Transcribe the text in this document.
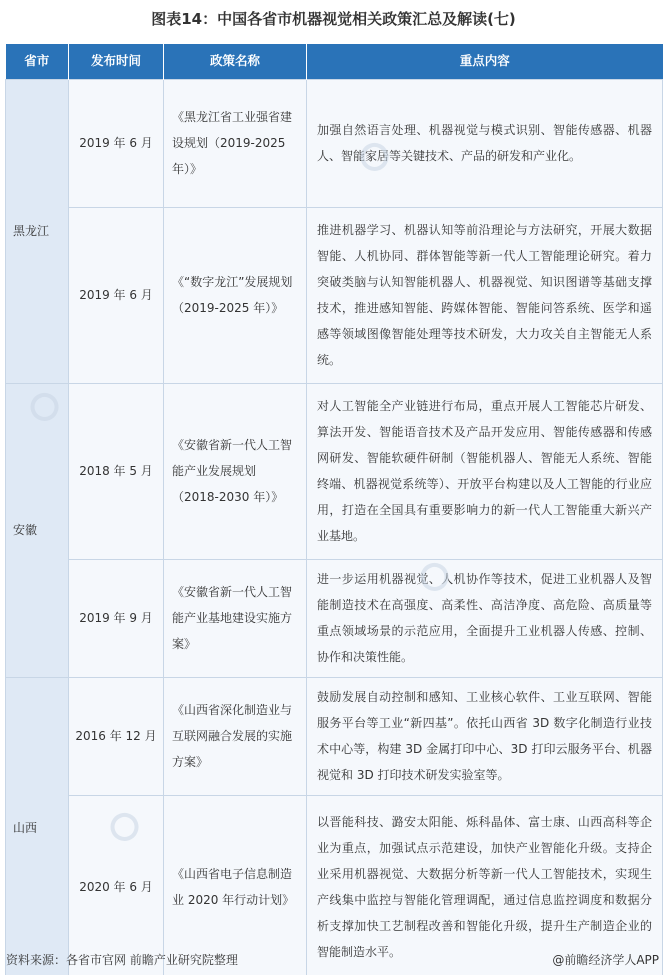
图表14：中国各省市机器视觉相关政策汇总及解读(七)
省市	发布时间	政策名称	重点内容
黑龙江	2019 年 6 月	《黑龙江省工业强省建设规划（2019-2025 年）》	加强自然语言处理、机器视觉与模式识别、智能传感器、机器人、智能家居等关键技术、产品的研发和产业化。
	2019 年 6 月	《“数字龙江”发展规划（2019-2025 年）》	推进机器学习、机器认知等前沿理论与方法研究，开展大数据智能、人机协同、群体智能等新一代人工智能理论研究。着力突破类脑与认知智能机器人、机器视觉、知识图谱等基础支撑技术，推进感知智能、跨媒体智能、智能问答系统、医学和遥感等领域图像智能处理等技术研发，大力攻关自主智能无人系统。
安徽	2018 年 5 月	《安徽省新一代人工智能产业发展规划（2018-2030 年）》	对人工智能全产业链进行布局，重点开展人工智能芯片研发、算法开发、智能语音技术及产品开发应用、智能传感器和传感网研发、智能软硬件研制（智能机器人、智能无人系统、智能终端、机器视觉系统等）、开放平台构建以及人工智能的行业应用，打造在全国具有重要影响力的新一代人工智能重大新兴产业基地。
	2019 年 9 月	《安徽省新一代人工智能产业基地建设实施方案》	进一步运用机器视觉、人机协作等技术，促进工业机器人及智能制造技术在高强度、高柔性、高洁净度、高危险、高质量等重点领域场景的示范应用，全面提升工业机器人传感、控制、协作和决策性能。
山西	2016 年 12 月	《山西省深化制造业与互联网融合发展的实施方案》	鼓励发展自动控制和感知、工业核心软件、工业互联网、智能服务平台等工业“新四基”。依托山西省 3D 数字化制造行业技术中心等，构建 3D 金属打印中心、3D 打印云服务平台、机器视觉和 3D 打印技术研发实验室等。
	2020 年 6 月	《山西省电子信息制造业 2020 年行动计划》	以晋能科技、潞安太阳能、烁科晶体、富士康、山西高科等企业为重点，加强试点示范建设，加快产业智能化升级。支持企业采用机器视觉、大数据分析等新一代人工智能技术，实现生产线集中监控与智能化管理调配，通过信息监控调度和数据分析支撑加快工艺制程改善和智能化升级，提升生产制造企业的智能制造水平。
资料来源：各省市官网 前瞻产业研究院整理	@前瞻经济学人APP
